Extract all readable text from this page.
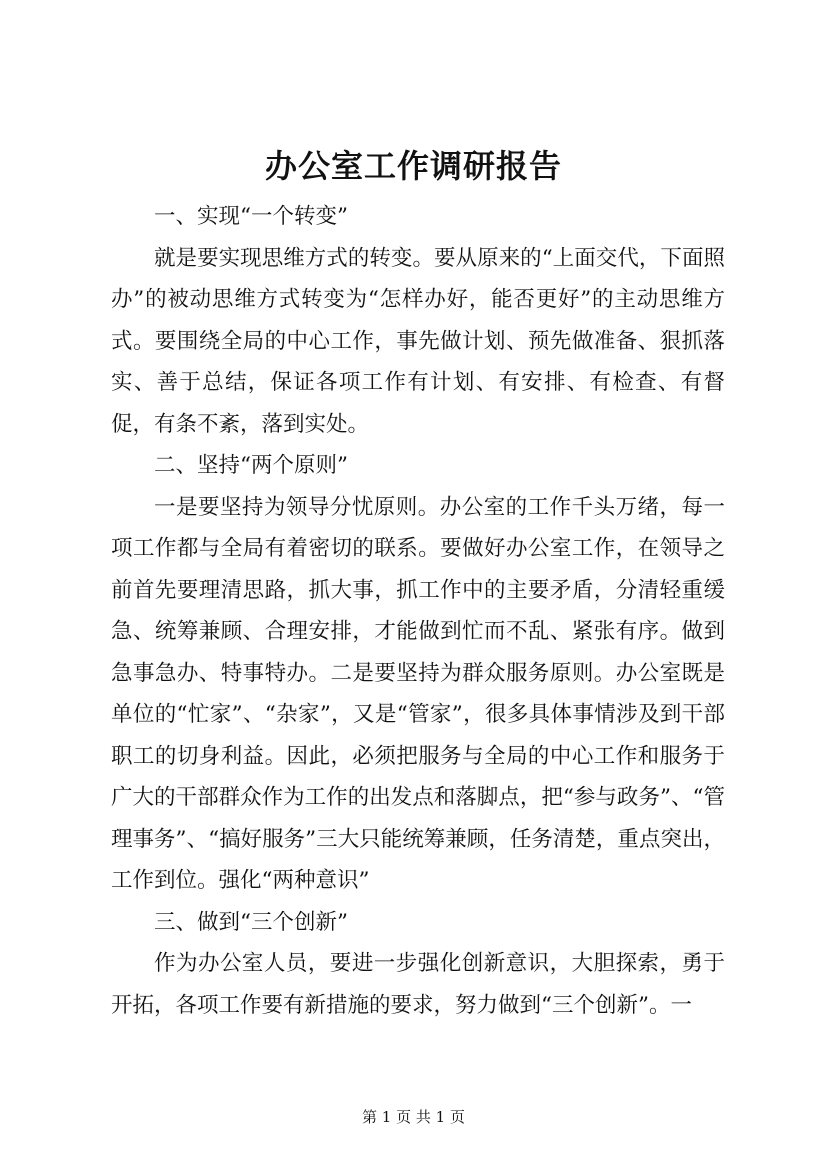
办公室工作调研报告

一、实现“一个转变”

就是要实现思维方式的转变。要从原来的“上面交代，下面照办”的被动思维方式转变为“怎样办好，能否更好”的主动思维方式。要围绕全局的中心工作，事先做计划、预先做准备、狠抓落实、善于总结，保证各项工作有计划、有安排、有检查、有督促，有条不紊，落到实处。

二、坚持“两个原则”

一是要坚持为领导分忧原则。办公室的工作千头万绪，每一项工作都与全局有着密切的联系。要做好办公室工作，在领导之前首先要理清思路，抓大事，抓工作中的主要矛盾，分清轻重缓急、统筹兼顾、合理安排，才能做到忙而不乱、紧张有序。做到急事急办、特事特办。二是要坚持为群众服务原则。办公室既是单位的“忙家”、“杂家”，又是“管家”，很多具体事情涉及到干部职工的切身利益。因此，必须把服务与全局的中心工作和服务于广大的干部群众作为工作的出发点和落脚点，把“参与政务”、“管理事务”、“搞好服务”三大只能统筹兼顾，任务清楚，重点突出，工作到位。强化“两种意识”

三、做到“三个创新”

作为办公室人员，要进一步强化创新意识，大胆探索，勇于开拓，各项工作要有新措施的要求，努力做到“三个创新”。一

第 1 页 共 1 页
